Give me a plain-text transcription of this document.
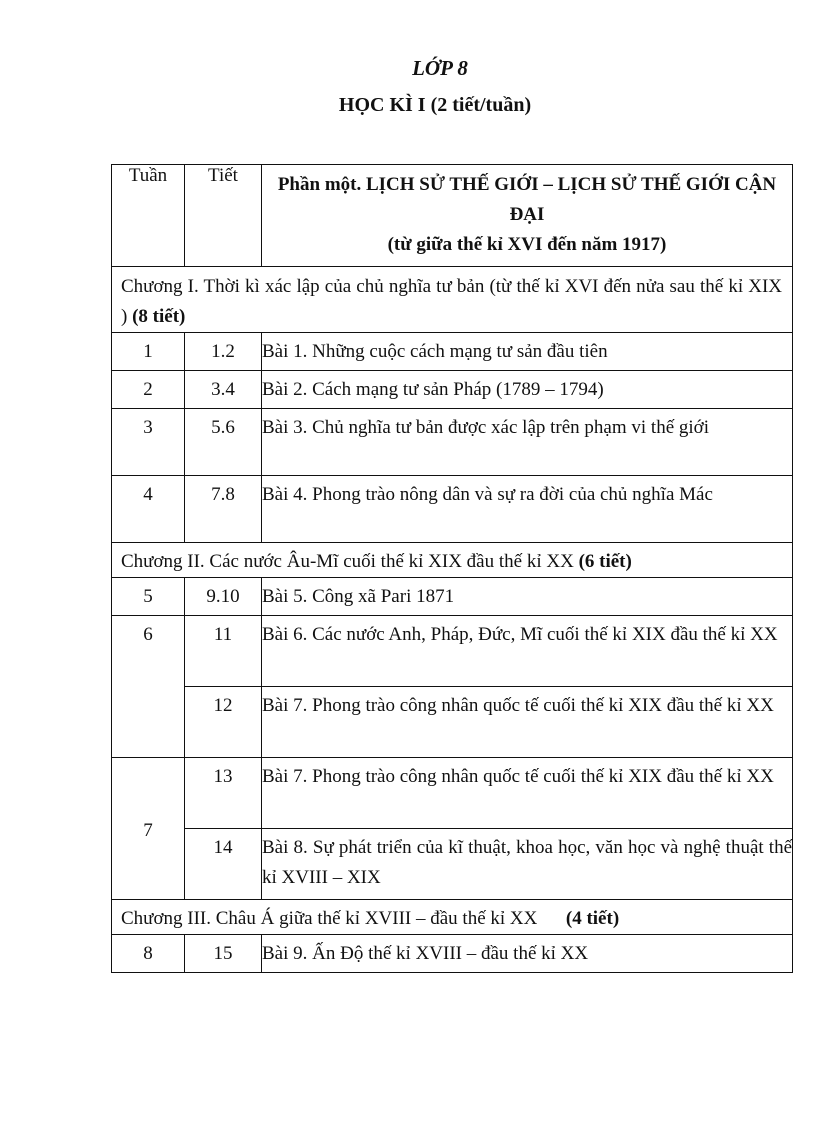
LỚP 8
HỌC KÌ I (2 tiết/tuần)
Tuần	Tiết	Phần một. LỊCH SỬ THẾ GIỚI – LỊCH SỬ THẾ GIỚI CẬN ĐẠI
(từ giữa thế kỉ XVI đến năm 1917)

Chương I. Thời kì xác lập của chủ nghĩa tư bản (từ thế kỉ XVI đến nửa sau thế kỉ XIX ) (8 tiết)		
1	1.2	Bài 1. Những cuộc cách mạng tư sản đầu tiên
2	3.4	Bài 2. Cách mạng tư sản Pháp (1789 – 1794)
3	5.6	Bài 3. Chủ nghĩa tư bản được xác lập trên phạm vi thế giới
4	7.8	Bài 4. Phong trào nông dân và sự ra đời của chủ nghĩa Mác
Chương II. Các nước Âu-Mĩ cuối thế kỉ XIX đầu thế kỉ XX (6 tiết)		
5	9.10	Bài 5. Công xã Pari 1871
6	11	Bài 6. Các nước Anh, Pháp, Đức, Mĩ cuối thế kỉ XIX đầu thế kỉ XX
	12	Bài 7. Phong trào công nhân quốc tế cuối thế kỉ XIX đầu thế kỉ XX
7	13	Bài 7. Phong trào công nhân quốc tế cuối thế kỉ XIX đầu thế kỉ XX
	14	Bài 8. Sự phát triển của kĩ thuật, khoa học, văn học và nghệ thuật thế kỉ XVIII – XIX
Chương III. Châu Á giữa thế kỉ XVIII – đầu thế kỉ XX      (4 tiết)		
8	15	Bài 9. Ấn Độ thế kỉ XVIII – đầu thế kỉ XX
